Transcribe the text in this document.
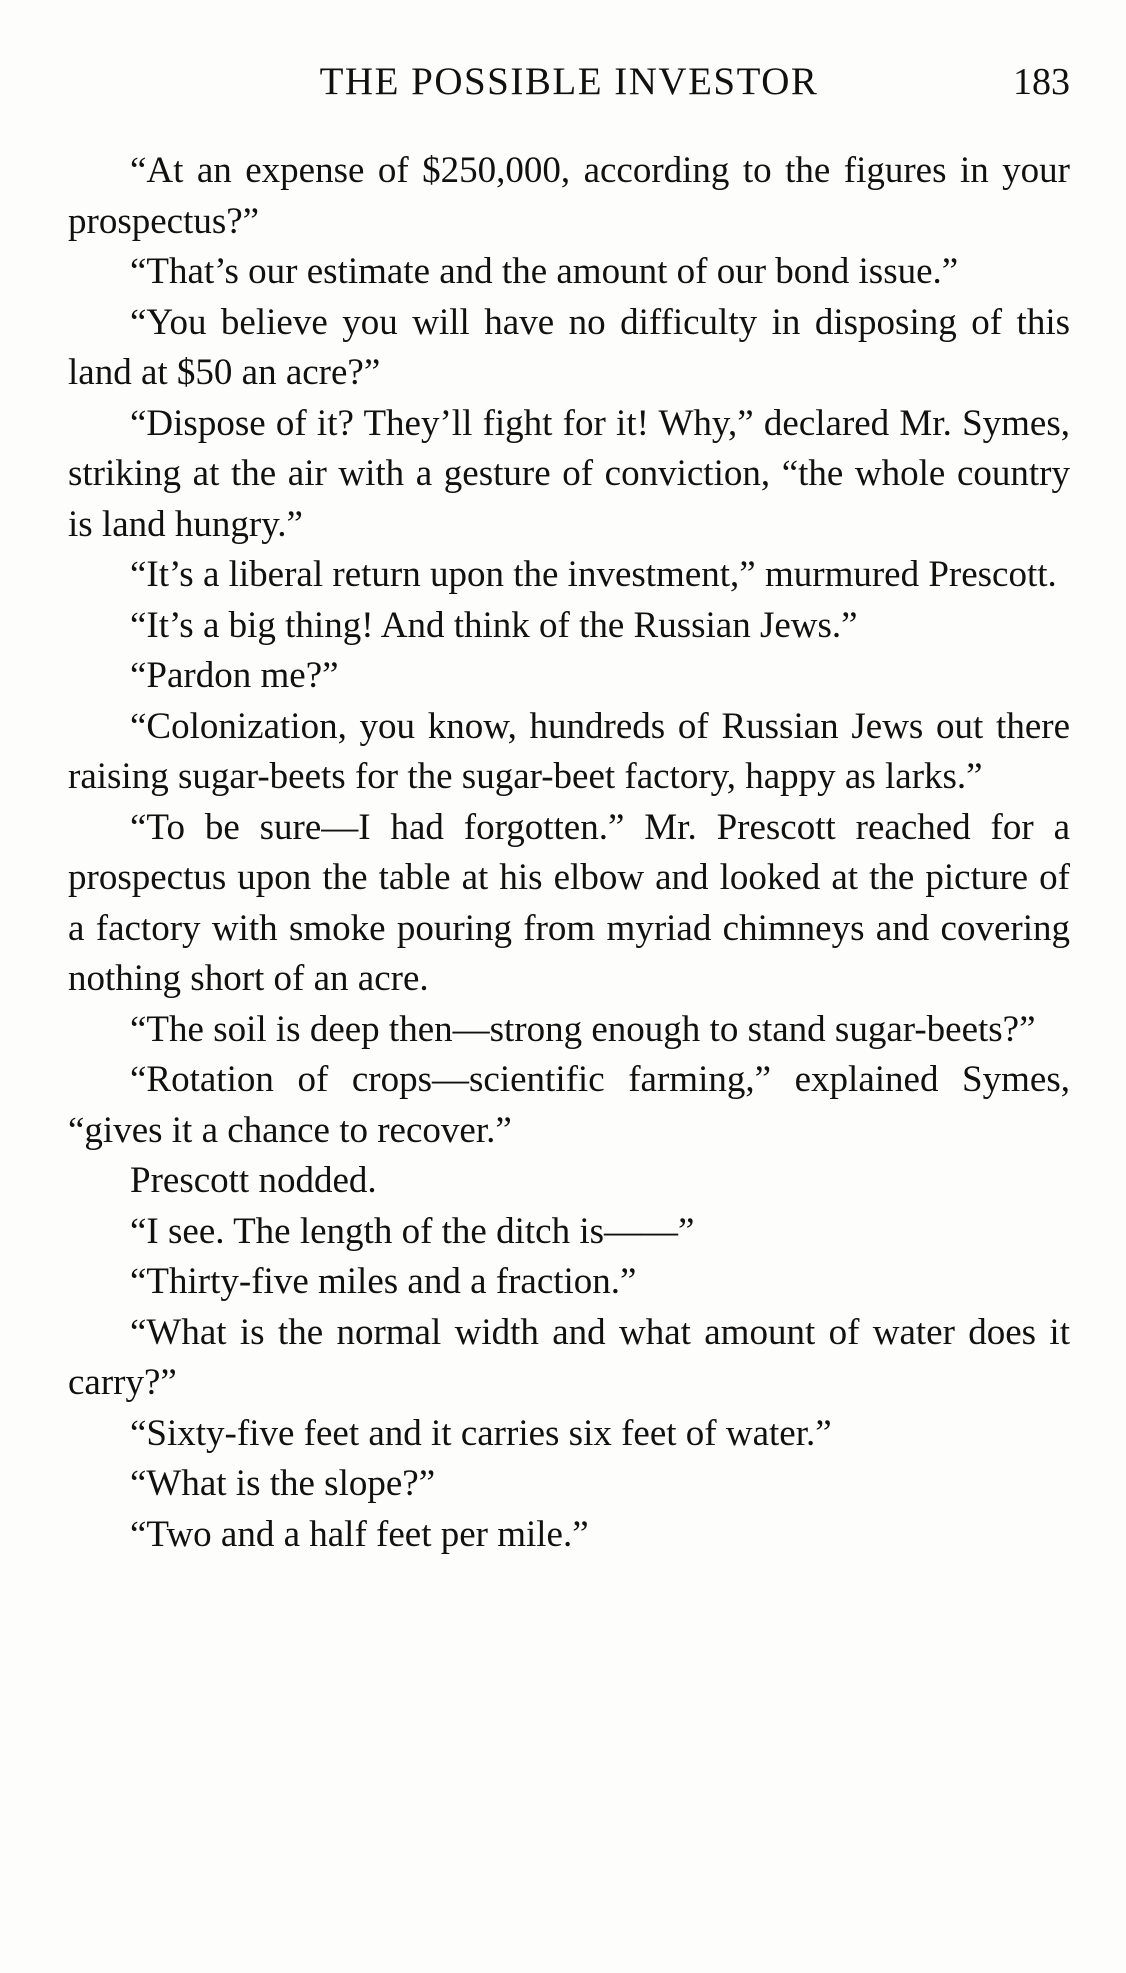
THE POSSIBLE INVESTOR	183

“At an expense of $250,000, according to the figures in your prospectus?”

“That’s our estimate and the amount of our bond issue.”

“You believe you will have no difficulty in disposing of this land at $50 an acre?”

“Dispose of it? They’ll fight for it! Why,” declared Mr. Symes, striking at the air with a gesture of conviction, “the whole country is land hungry.”

“It’s a liberal return upon the investment,” murmured Prescott.

“It’s a big thing! And think of the Russian Jews.”

“Pardon me?”

“Colonization, you know, hundreds of Russian Jews out there raising sugar-beets for the sugar-beet factory, happy as larks.”

“To be sure—I had forgotten.” Mr. Prescott reached for a prospectus upon the table at his elbow and looked at the picture of a factory with smoke pouring from myriad chimneys and covering nothing short of an acre.

“The soil is deep then—strong enough to stand sugar-beets?”

“Rotation of crops—scientific farming,” explained Symes, “gives it a chance to recover.”

Prescott nodded.

“I see. The length of the ditch is——”

“Thirty-five miles and a fraction.”

“What is the normal width and what amount of water does it carry?”

“Sixty-five feet and it carries six feet of water.”

“What is the slope?”

“Two and a half feet per mile.”
